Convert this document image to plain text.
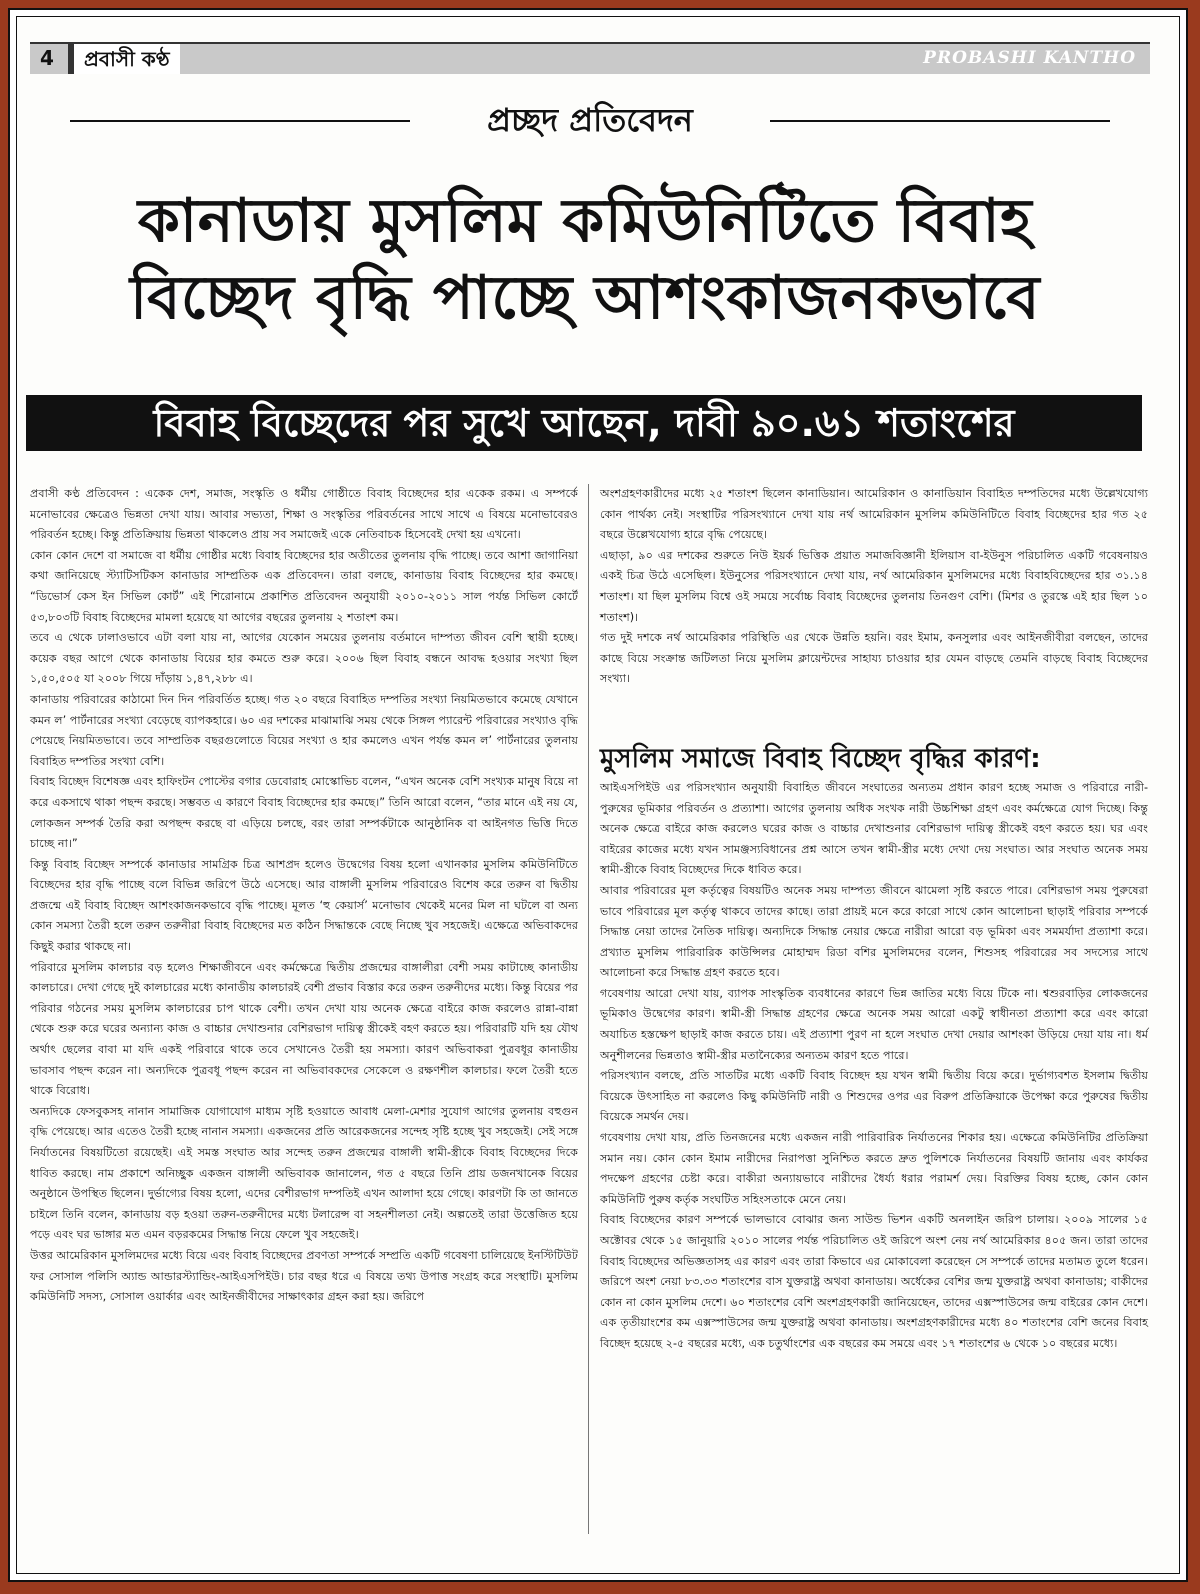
4	প্রবাসী কণ্ঠ	PROBASHI KANTHO
প্রচ্ছদ প্রতিবেদন
কানাডায় মুসলিম কমিউনিটিতে বিবাহ
বিচ্ছেদ বৃদ্ধি পাচ্ছে আশংকাজনকভাবে
বিবাহ বিচ্ছেদের পর সুখে আছেন, দাবী ৯০.৬১ শতাংশের

প্রবাসী কণ্ঠ প্রতিবেদন : একেক দেশ, সমাজ, সংস্কৃতি ও ধর্মীয় গোষ্ঠীতে বিবাহ বিচ্ছেদের হার একেক রকম। এ সম্পর্কে মনোভাবের ক্ষেত্রেও ভিন্নতা দেখা যায়। আবার সভ্যতা, শিক্ষা ও সংস্কৃতির পরিবর্তনের সাথে সাথে এ বিষয়ে মনোভাবেরও পরিবর্তন হচ্ছে। কিন্তু প্রতিক্রিয়ায় ভিন্নতা থাকলেও প্রায় সব সমাজেই একে নেতিবাচক হিসেবেই দেখা হয় এখনো।

কোন কোন দেশে বা সমাজে বা ধর্মীয় গোষ্ঠীর মধ্যে বিবাহ বিচ্ছেদের হার অতীতের তুলনায় বৃদ্ধি পাচ্ছে। তবে আশা জাগানিয়া কথা জানিয়েছে স্ট্যাটিসটিকস কানাডার সাম্প্রতিক এক প্রতিবেদন। তারা বলছে, কানাডায় বিবাহ বিচ্ছেদের হার কমছে। “ডিভোর্স কেস ইন সিভিল কোর্ট” এই শিরোনামে প্রকাশিত প্রতিবেদন অনুযায়ী ২০১০-২০১১ সাল পর্যন্ত সিভিল কোর্টে ৫৩,৮০৩টি বিবাহ বিচ্ছেদের মামলা হয়েছে যা আগের বছরের তুলনায় ২ শতাংশ কম।

তবে এ থেকে ঢালাওভাবে এটা বলা যায় না, আগের যেকোন সময়ের তুলনায় বর্তমানে দাম্পত্য জীবন বেশি স্থায়ী হচ্ছে। কয়েক বছর আগে থেকে কানাডায় বিয়ের হার কমতে শুরু করে। ২০০৬ ছিল বিবাহ বন্ধনে আবদ্ধ হওয়ার সংখ্যা ছিল ১,৫০,৫০৫ যা ২০০৮ গিয়ে দাঁড়ায় ১,৪৭,২৮৮ এ।

কানাডায় পরিবারের কাঠামো দিন দিন পরিবর্তিত হচ্ছে। গত ২০ বছরে বিবাহিত দম্পতির সংখ্যা নিয়মিতভাবে কমেছে যেখানে কমন ল’ পার্টনারের সংখ্যা বেড়েছে ব্যাপকহারে। ৬০ এর দশকের মাঝামাঝি সময় থেকে সিঙ্গল প্যারেন্ট পরিবারের সংখ্যাও বৃদ্ধি পেয়েছে নিয়মিতভাবে। তবে সাম্প্রতিক বছরগুলোতে বিয়ের সংখ্যা ও হার কমলেও এখন পর্যন্ত কমন ল’ পার্টনারের তুলনায় বিবাহিত দম্পতির সংখ্যা বেশি।

বিবাহ বিচ্ছেদ বিশেষজ্ঞ এবং হাফিংটন পোস্টের বগার ডেবোরাহ মোস্কোভিচ বলেন, “এখন অনেক বেশি সংখ্যক মানুষ বিয়ে না করে একসাথে থাকা পছন্দ করছে। সম্ভবত এ কারণে বিবাহ বিচ্ছেদের হার কমছে।” তিনি আরো বলেন, “তার মানে এই নয় যে, লোকজন সম্পর্ক তৈরি করা অপছন্দ করছে বা এড়িয়ে চলছে, বরং তারা সম্পর্কটাকে আনুষ্ঠানিক বা আইনগত ভিত্তি দিতে চাচ্ছে না।”

কিন্তু বিবাহ বিচ্ছেদ সম্পর্কে কানাডার সামগ্রিক চিত্র আশপ্রদ হলেও উদ্বেগের বিষয় হলো এখানকার মুসলিম কমিউনিটিতে বিচ্ছেদের হার বৃদ্ধি পাচ্ছে বলে বিভিন্ন জরিপে উঠে এসেছে। আর বাঙ্গালী মুসলিম পরিবারেও বিশেষ করে তরুন বা দ্বিতীয় প্রজন্মে এই বিবাহ বিচ্ছেদ আশংকাজনকভাবে বৃদ্ধি পাচ্ছে। মূলত ‘হু কেয়ার্স’ মনোভাব থেকেই মনের মিল না ঘটলে বা অন্য কোন সমস্যা তৈরী হলে তরুন তরুনীরা বিবাহ বিচ্ছেদের মত কঠিন সিদ্ধান্তকে বেছে নিচ্ছে খুব সহজেই। এক্ষেত্রে অভিবাকদের কিছুই করার থাকছে না।

পরিবারে মুসলিম কালচার বড় হলেও শিক্ষাজীবনে এবং কর্মক্ষেত্রে দ্বিতীয় প্রজন্মের বাঙ্গালীরা বেশী সময় কাটাচ্ছে কানাডীয় কালচারে। দেখা গেছে দুই কালচারের মধ্যে কানাডীয় কালচারই বেশী প্রভাব বিস্তার করে তরুন তরুনীদের মধ্যে। কিন্তু বিয়ের পর পরিবার গঠনের সময় মুসলিম কালচারের চাপ থাকে বেশী। তখন দেখা যায় অনেক ক্ষেত্রে বাইরে কাজ করলেও রান্না-বান্না থেকে শুরু করে ঘরের অন্যান্য কাজ ও বাচ্চার দেখাশুনার বেশিরভাগ দায়িত্ব স্ত্রীকেই বহণ করতে হয়। পরিবারটি যদি হয় যৌথ অর্থাৎ ছেলের বাবা মা যদি একই পরিবারে থাকে তবে সেখানেও তৈরী হয় সমস্যা। কারণ অভিবাকরা পুত্রবধূর কানাডীয় ভাবসাব পছন্দ করেন না। অন্যদিকে পুত্রবধূ পছন্দ করেন না অভিবাবকদের সেকেলে ও রক্ষণশীল কালচার। ফলে তৈরী হতে থাকে বিরোধ।

অন্যদিকে ফেসবুকসহ নানান সামাজিক যোগাযোগ মাধ্যম সৃষ্টি হওয়াতে আবাধ মেলা-মেশার সুযোগ আগের তুলনায় বহুগুন বৃদ্ধি পেয়েছে। আর এতেও তৈরী হচ্ছে নানান সমস্যা। একজনের প্রতি আরেকজনের সন্দেহ সৃষ্টি হচ্ছে খুব সহজেই। সেই সঙ্গে নির্যাতনের বিষয়টিতো রয়েছেই। এই সমস্ত সংঘাত আর সন্দেহ তরুন প্রজন্মের বাঙ্গালী স্বামী-স্ত্রীকে বিবাহ বিচ্ছেদের দিকে ধাবিত করছে। নাম প্রকাশে অনিচ্ছুক একজন বাঙ্গালী অভিবাবক জানালেন, গত ৫ বছরে তিনি প্রায় ডজনখানেক বিয়ের অনুষ্ঠানে উপস্থিত ছিলেন। দুর্ভাগ্যের বিষয় হলো, এদের বেশীরভাগ দম্পতিই এখন আলাদা হয়ে গেছে। কারণটা কি তা জানতে চাইলে তিনি বলেন, কানাডায় বড় হওয়া তরুন-তরুনীদের মধ্যে টলারেন্স বা সহনশীলতা নেই। অল্পতেই তারা উত্তেজিত হয়ে পড়ে এবং ঘর ভাঙ্গার মত এমন বড়রকমের সিদ্ধান্ত নিয়ে ফেলে খুব সহজেই।

উত্তর আমেরিকান মুসলিমদের মধ্যে বিয়ে এবং বিবাহ বিচ্ছেদের প্রবণতা সম্পর্কে সম্প্রতি একটি গবেষণা চালিয়েছে ইনস্টিটিউট ফর সোসাল পলিসি অ্যান্ড আন্ডারস্ট্যান্ডিং-আইএসপিইউ। চার বছর ধরে এ বিষয়ে তথ্য উপাত্ত সংগ্রহ করে সংস্থাটি। মুসলিম কমিউনিটি সদস্য, সোসাল ওয়ার্কার এবং আইনজীবীদের সাক্ষাৎকার গ্রহন করা হয়। জরিপে

অংশগ্রহণকারীদের মধ্যে ২৫ শতাংশ ছিলেন কানাডিয়ান। আমেরিকান ও কানাডিয়ান বিবাহিত দম্পতিদের মধ্যে উল্লেখযোগ্য কোন পার্থক্য নেই। সংস্থাটির পরিসংখ্যানে দেখা যায় নর্থ আমেরিকান মুসলিম কমিউনিটিতে বিবাহ বিচ্ছেদের হার গত ২৫ বছরে উল্লেখযোগ্য হারে বৃদ্ধি পেয়েছে।

এছাড়া, ৯০ এর দশকের শুরুতে নিউ ইয়র্ক ভিত্তিক প্রয়াত সমাজবিজ্ঞানী ইলিয়াস বা-ইউনুস পরিচালিত একটি গবেষনায়ও একই চিত্র উঠে এসেছিল। ইউনুসের পরিসংখ্যানে দেখা যায়, নর্থ আমেরিকান মুসলিমদের মধ্যে বিবাহবিচ্ছেদের হার ৩১.১৪ শতাংশ। যা ছিল মুসলিম বিশ্বে ওই সময়ে সর্বোচ্চ বিবাহ বিচ্ছেদের তুলনায় তিনগুণ বেশি। (মিশর ও তুরস্কে এই হার ছিল ১০ শতাংশ)।

গত দুই দশকে নর্থ আমেরিকার পরিস্থিতি এর থেকে উন্নতি হয়নি। বরং ইমাম, কনসুলার এবং আইনজীবীরা বলছেন, তাদের কাছে বিয়ে সংক্রান্ত জটিলতা নিয়ে মুসলিম ক্লায়েন্টদের সাহায্য চাওয়ার হার যেমন বাড়ছে তেমনি বাড়ছে বিবাহ বিচ্ছেদের সংখ্যা।

মুসলিম সমাজে বিবাহ বিচ্ছেদ বৃদ্ধির কারণ:

আইএসপিইউ এর পরিসংখ্যান অনুযায়ী বিবাহিত জীবনে সংঘাতের অন্যতম প্রধান কারণ হচ্ছে সমাজ ও পরিবারে নারী-পুরুষের ভূমিকার পরিবর্তন ও প্রত্যাশা। আগের তুলনায় অধিক সংখক নারী উচ্চশিক্ষা গ্রহণ এবং কর্মক্ষেত্রে যোগ দিচ্ছে। কিন্তু অনেক ক্ষেত্রে বাইরে কাজ করলেও ঘরের কাজ ও বাচ্চার দেখাশুনার বেশিরভাগ দায়িত্ব স্ত্রীকেই বহণ করতে হয়। ঘর এবং বাইরের কাজের মধ্যে যখন সামঞ্জস্যবিধানের প্রশ্ন আসে তখন স্বামী-স্ত্রীর মধ্যে দেখা দেয় সংঘাত। আর সংঘাত অনেক সময় স্বামী-স্ত্রীকে বিবাহ বিচ্ছেদের দিকে ধাবিত করে।

আবার পরিবারের মূল কর্তৃত্বের বিষয়টিও অনেক সময় দাম্পত্য জীবনে ঝামেলা সৃষ্টি করতে পারে। বেশিরভাগ সময় পুরুষেরা ভাবে পরিবারের মূল কর্তৃত্ব থাকবে তাদের কাছে। তারা প্রায়ই মনে করে কারো সাথে কোন আলোচনা ছাড়াই পরিবার সম্পর্কে সিদ্ধান্ত নেয়া তাদের নৈতিক দায়িত্ব। অন্যদিকে সিদ্ধান্ত নেয়ার ক্ষেত্রে নারীরা আরো বড় ভূমিকা এবং সমমর্যাদা প্রত্যাশা করে। প্রখ্যাত মুসলিম পারিবারিক কাউন্সিলর মোহাম্মদ রিডা বশির মুসলিমদের বলেন, শিশুসহ পরিবারের সব সদস্যের সাথে আলোচনা করে সিদ্ধান্ত গ্রহণ করতে হবে।

গবেষণায় আরো দেখা যায়, ব্যাপক সাংস্কৃতিক ব্যবধানের কারণে ভিন্ন জাতির মধ্যে বিয়ে টিকে না। শ্বশুরবাড়ির লোকজনের ভূমিকাও উদ্বেগের কারণ। স্বামী-স্ত্রী সিদ্ধান্ত গ্রহণের ক্ষেত্রে অনেক সময় আরো একটু স্বাধীনতা প্রত্যাশা করে এবং কারো অযাচিত হস্তক্ষেপ ছাড়াই কাজ করতে চায়। এই প্রত্যাশা পুরণ না হলে সংঘাত দেখা দেয়ার আশংকা উড়িয়ে দেয়া যায় না। ধর্ম অনুশীলনের ভিন্নতাও স্বামী-স্ত্রীর মতানৈক্যের অন্যতম কারণ হতে পারে।

পরিসংখ্যান বলছে, প্রতি সাতটির মধ্যে একটি বিবাহ বিচ্ছেদ হয় যখন স্বামী দ্বিতীয় বিয়ে করে। দুর্ভাগ্যবশত ইসলাম দ্বিতীয় বিয়েকে উৎসাহিত না করলেও কিছু কমিউনিটি নারী ও শিশুদের ওপর এর বিরুপ প্রতিক্রিয়াকে উপেক্ষা করে পুরুষের দ্বিতীয় বিয়েকে সমর্থন দেয়।

গবেষণায় দেখা যায়, প্রতি তিনজনের মধ্যে একজন নারী পারিবারিক নির্যাতনের শিকার হয়। এক্ষেত্রে কমিউনিটির প্রতিক্রিয়া সমান নয়। কোন কোন ইমাম নারীদের নিরাপত্তা সুনিশ্চিত করতে দ্রুত পুলিশকে নির্যাতনের বিষয়টি জানায় এবং কার্যকর পদক্ষেপ গ্রহণের চেষ্টা করে। বাকীরা অন্যায়ভাবে নারীদের ধৈর্য্য ধরার পরামর্শ দেয়। বিরক্তির বিষয় হচ্ছে, কোন কোন কমিউনিটি পুরুষ কর্তৃক সংঘটিত সহিংসতাকে মেনে নেয়।

বিবাহ বিচ্ছেদের কারণ সম্পর্কে ভালভাবে বোঝার জন্য সাউন্ড ভিশন একটি অনলাইন জরিপ চালায়। ২০০৯ সালের ১৫ অক্টোবর থেকে ১৫ জানুয়ারি ২০১০ সালের পর্যন্ত পরিচালিত ওই জরিপে অংশ নেয় নর্থ আমেরিকার ৪০৫ জন। তারা তাদের বিবাহ বিচ্ছেদের অভিজ্ঞতাসহ এর কারণ এবং তারা কিভাবে এর মোকাবেলা করেছেন সে সম্পর্কে তাদের মতামত তুলে ধরেন। জরিপে অংশ নেয়া ৮৩.৩৩ শতাংশের বাস যুক্তরাষ্ট্র অথবা কানাডায়। অর্ধেকের বেশির জন্ম যুক্তরাষ্ট্র অথবা কানাডায়; বাকীদের কোন না কোন মুসলিম দেশে। ৬০ শতাংশের বেশি অংশগ্রহণকারী জানিয়েছেন, তাদের এক্সস্পাউসের জন্ম বাইরের কোন দেশে। এক তৃতীয়াংশের কম এক্সস্পাউসের জন্ম যুক্তরাষ্ট্র অথবা কানাডায়। অংশগ্রহণকারীদের মধ্যে ৪০ শতাংশের বেশি জনের বিবাহ বিচ্ছেদ হয়েছে ২-৫ বছরের মধ্যে, এক চতুর্থাংশের এক বছরের কম সময়ে এবং ১৭ শতাংশের ৬ থেকে ১০ বছরের মধ্যে।
